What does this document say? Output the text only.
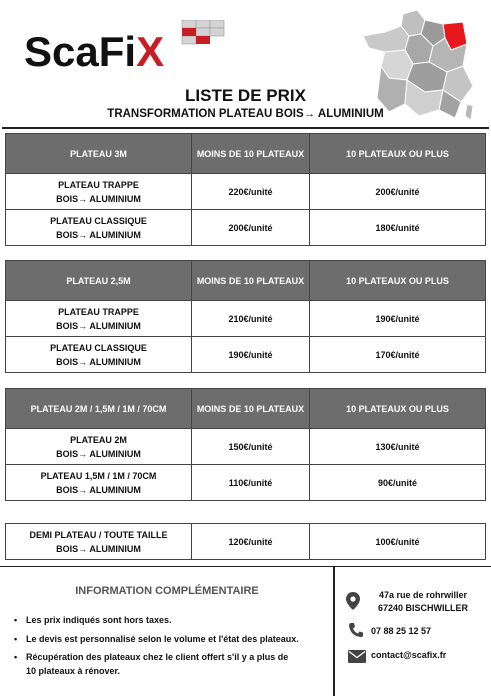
ScaFiX
LISTE DE PRIX
TRANSFORMATION PLATEAU BOIS→ ALUMINIUM
PLATEAU 3M	MOINS DE 10 PLATEAUX	10 PLATEAUX OU PLUS
PLATEAU TRAPPE
BOIS→ ALUMINIUM	220€/unité	200€/unité
PLATEAU CLASSIQUE
BOIS→ ALUMINIUM	200€/unité	180€/unité
PLATEAU 2,5M	MOINS DE 10 PLATEAUX	10 PLATEAUX OU PLUS
PLATEAU TRAPPE
BOIS→ ALUMINIUM	210€/unité	190€/unité
PLATEAU CLASSIQUE
BOIS→ ALUMINIUM	190€/unité	170€/unité
PLATEAU 2M / 1,5M / 1M / 70CM	MOINS DE 10 PLATEAUX	10 PLATEAUX OU PLUS
PLATEAU 2M
BOIS→ ALUMINIUM	150€/unité	130€/unité
PLATEAU 1,5M / 1M / 70CM
BOIS→ ALUMINIUM	110€/unité	90€/unité
DEMI PLATEAU / TOUTE TAILLE
BOIS→ ALUMINIUM	120€/unité	100€/unité
INFORMATION COMPLÉMENTAIRE
• Les prix indiqués sont hors taxes.
• Le devis est personnalisé selon le volume et l'état des plateaux.
• Récupération des plateaux chez le client offert s'il y a plus de
10 plateaux à rénover.
47a rue de rohrwiller
67240 BISCHWILLER
07 88 25 12 57
contact@scafix.fr
